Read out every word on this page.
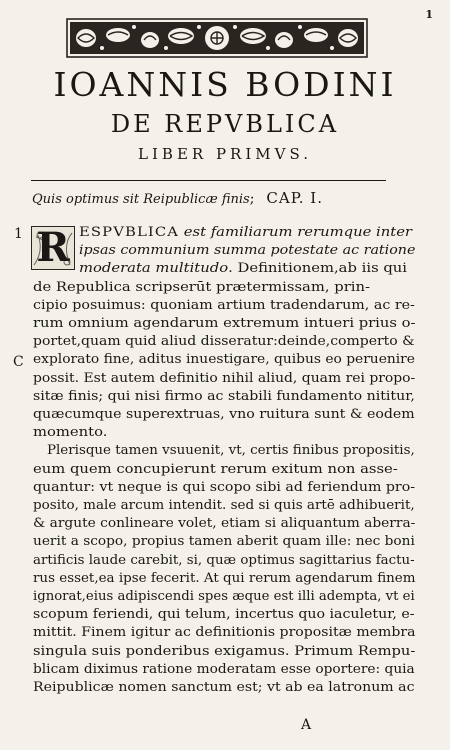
1
IOANNIS BODINI
DE REPVBLICA
LIBER PRIMVS.
Quis optimus sit Reipublicæ finis; CAP. I.
1
C
R ESPVBLICA est familiarum rerumque inter
ipsas communium summa potestate ac ratione
moderata multitudo. Definitionem,ab iis qui
de Republica scripserūt prætermissam, prin-
cipio posuimus: quoniam artium tradendarum, ac re-
rum omnium agendarum extremum intueri prius o-
portet,quam quid aliud disseratur:deinde,comperto &
explorato fine, aditus inuestigare, quibus eo peruenire
possit. Est autem definitio nihil aliud, quam rei propo-
sitæ finis; qui nisi firmo ac stabili fundamento nititur,
quæcumque superextruas, vno ruitura sunt & eodem
momento.
Plerisque tamen vsuuenit, vt, certis finibus propositis,
eum quem concupierunt rerum exitum non asse-
quantur: vt neque is qui scopo sibi ad feriendum pro-
posito, male arcum intendit. sed si quis artē adhibuerit,
& argute conlineare volet, etiam si aliquantum aberra-
uerit a scopo, propius tamen aberit quam ille: nec boni
artificis laude carebit, si, quæ optimus sagittarius factu-
rus esset,ea ipse fecerit. At qui rerum agendarum finem
ignorat,eius adipiscendi spes æque est illi adempta, vt ei
scopum feriendi, qui telum, incertus quo iaculetur, e-
mittit. Finem igitur ac definitionis propositæ membra
singula suis ponderibus exigamus. Primum Rempu-
blicam diximus ratione moderatam esse oportere: quia
Reipublicæ nomen sanctum est; vt ab ea latronum ac
A
